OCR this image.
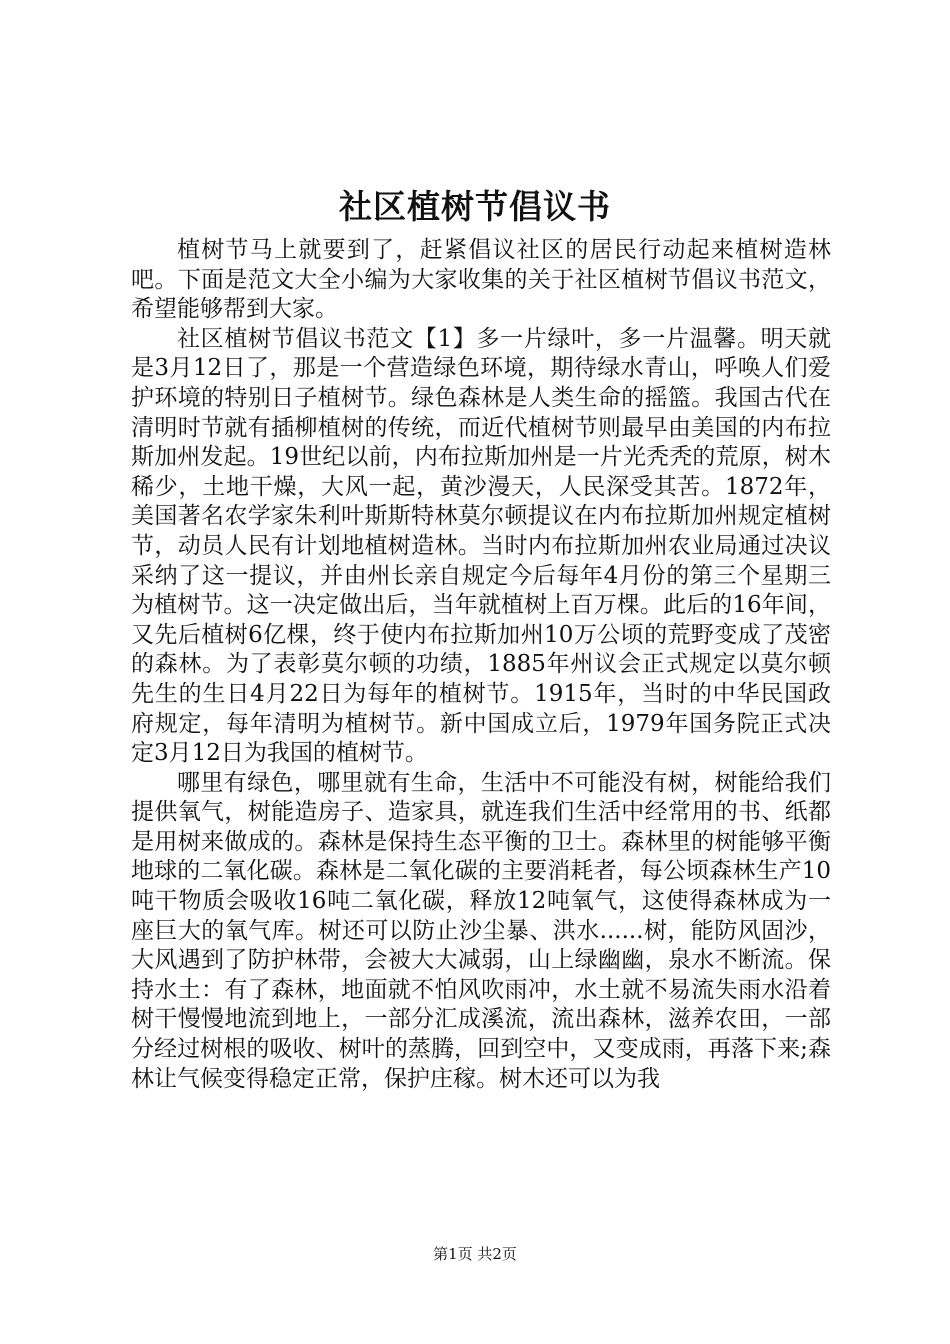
社区植树节倡议书

植树节马上就要到了，赶紧倡议社区的居民行动起来植树造林吧。下面是范文大全小编为大家收集的关于社区植树节倡议书范文，希望能够帮到大家。

社区植树节倡议书范文【1】多一片绿叶，多一片温馨。明天就是3月12日了，那是一个营造绿色环境，期待绿水青山，呼唤人们爱护环境的特别日子植树节。绿色森林是人类生命的摇篮。我国古代在清明时节就有插柳植树的传统，而近代植树节则最早由美国的内布拉斯加州发起。19世纪以前，内布拉斯加州是一片光秃秃的荒原，树木稀少，土地干燥，大风一起，黄沙漫天，人民深受其苦。1872年，美国著名农学家朱利叶斯斯特林莫尔顿提议在内布拉斯加州规定植树节，动员人民有计划地植树造林。当时内布拉斯加州农业局通过决议采纳了这一提议，并由州长亲自规定今后每年4月份的第三个星期三为植树节。这一决定做出后，当年就植树上百万棵。此后的16年间，又先后植树6亿棵，终于使内布拉斯加州10万公顷的荒野变成了茂密的森林。为了表彰莫尔顿的功绩，1885年州议会正式规定以莫尔顿先生的生日4月22日为每年的植树节。1915年，当时的中华民国政府规定，每年清明为植树节。新中国成立后，1979年国务院正式决定3月12日为我国的植树节。

哪里有绿色，哪里就有生命，生活中不可能没有树，树能给我们提供氧气，树能造房子、造家具，就连我们生活中经常用的书、纸都是用树来做成的。森林是保持生态平衡的卫士。森林里的树能够平衡地球的二氧化碳。森林是二氧化碳的主要消耗者，每公顷森林生产10吨干物质会吸收16吨二氧化碳，释放12吨氧气，这使得森林成为一座巨大的氧气库。树还可以防止沙尘暴、洪水......树，能防风固沙，大风遇到了防护林带，会被大大减弱，山上绿幽幽，泉水不断流。保持水土：有了森林，地面就不怕风吹雨冲，水土就不易流失雨水沿着树干慢慢地流到地上，一部分汇成溪流，流出森林，滋养农田，一部分经过树根的吸收、树叶的蒸腾，回到空中，又变成雨，再落下来;森林让气候变得稳定正常，保护庄稼。树木还可以为我

第1页 共2页
